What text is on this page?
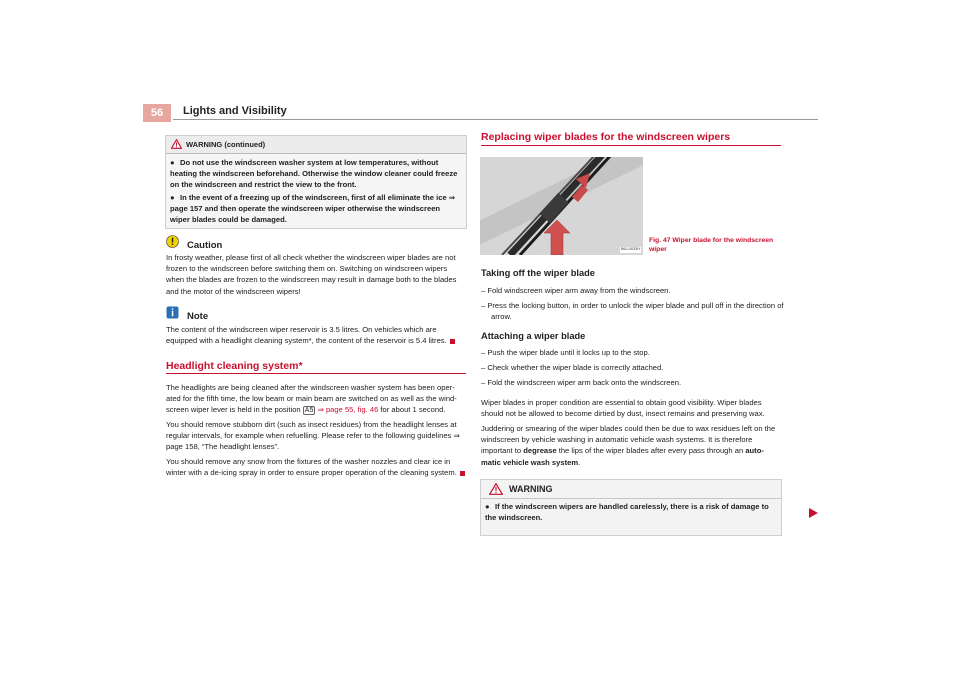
56	Lights and Visibility
WARNING (continued)
● Do not use the windscreen washer system at low temperatures, without heating the windscreen beforehand. Otherwise the window cleaner could freeze on the windscreen and restrict the view to the front.
● In the event of a freezing up of the windscreen, first of all eliminate the ice ⇒ page 157 and then operate the windscreen wiper otherwise the windscreen wiper blades could be damaged.
Caution
In frosty weather, please first of all check whether the windscreen wiper blades are not frozen to the windscreen before switching them on. Switching on windscreen wipers when the blades are frozen to the windscreen may result in damage both to the blades and the motor of the windscreen wipers!
Note
The content of the windscreen wiper reservoir is 3.5 litres. On vehicles which are equipped with a headlight cleaning system*, the content of the reservoir is 5.4 litres.
Headlight cleaning system*
The headlights are being cleaned after the windscreen washer system has been oper-ated for the fifth time, the low beam or main beam are switched on as well as the wind-screen wiper lever is held in the position A5 ⇒ page 55, fig. 46 for about 1 second.
You should remove stubborn dirt (such as insect residues) from the headlight lenses at regular intervals, for example when refuelling. Please refer to the following guidelines ⇒ page 158, “The headlight lenses”.
You should remove any snow from the fixtures of the washer nozzles and clear ice in winter with a de-icing spray in order to ensure proper operation of the cleaning system.
Replacing wiper blades for the windscreen wipers
B6J-0033H
Fig. 47 Wiper blade for the windscreen wiper
Taking off the wiper blade
– Fold windscreen wiper arm away from the windscreen.
– Press the locking button, in order to unlock the wiper blade and pull off in the direction of arrow.
Attaching a wiper blade
– Push the wiper blade until it locks up to the stop.
– Check whether the wiper blade is correctly attached.
– Fold the windscreen wiper arm back onto the windscreen.
Wiper blades in proper condition are essential to obtain good visibility. Wiper blades should not be allowed to become dirtied by dust, insect remains and preserving wax.
Juddering or smearing of the wiper blades could then be due to wax residues left on the windscreen by vehicle washing in automatic vehicle wash systems. It is therefore important to degrease the lips of the wiper blades after every pass through an auto-matic vehicle wash system.
WARNING
● If the windscreen wipers are handled carelessly, there is a risk of damage to the windscreen.
